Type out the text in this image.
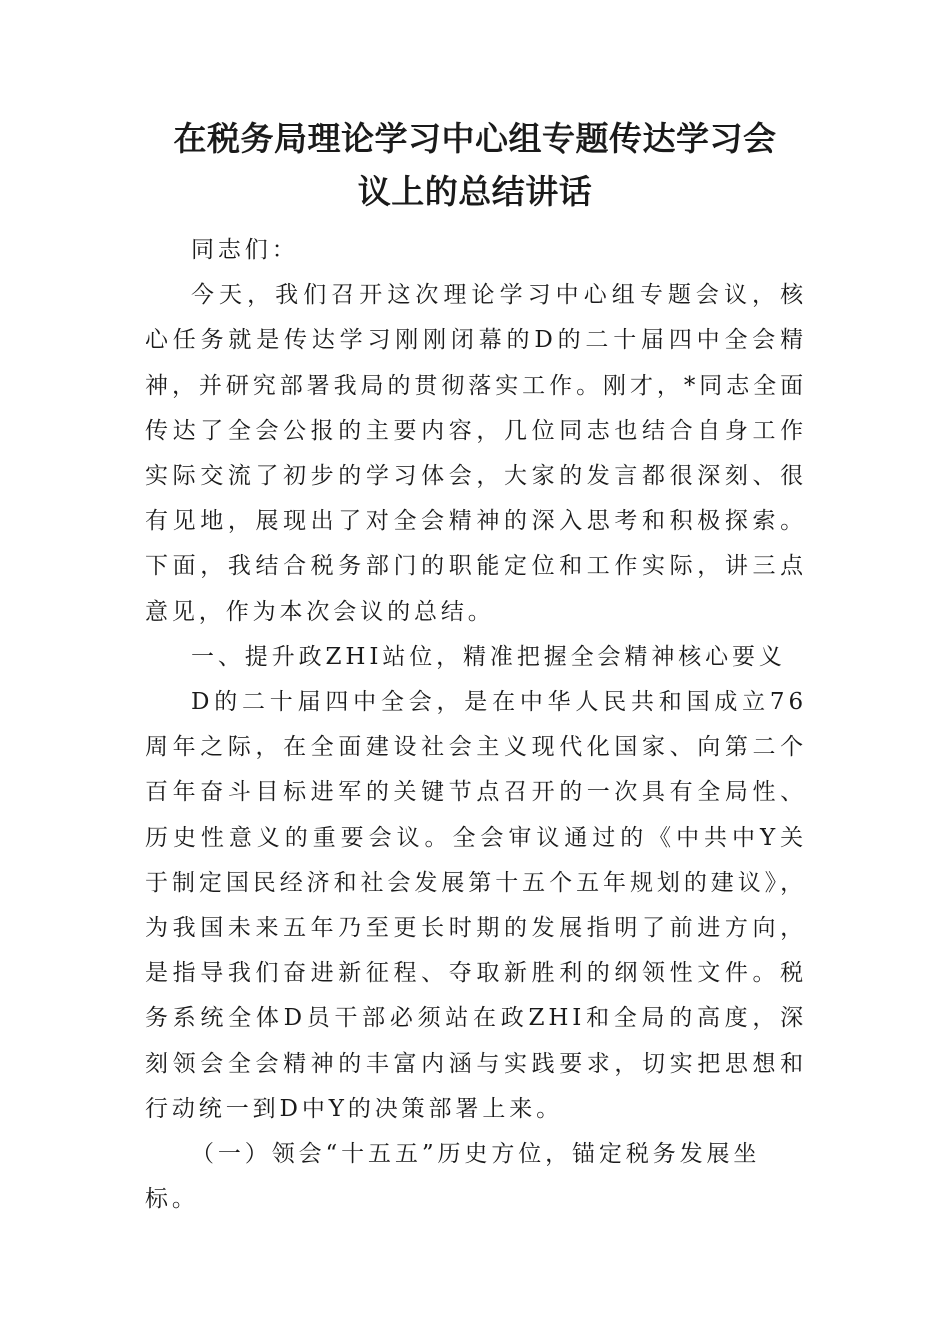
在税务局理论学习中心组专题传达学习会
议上的总结讲话

同志们：

今天，我们召开这次理论学习中心组专题会议，核心任务就是传达学习刚刚闭幕的D的二十届四中全会精神，并研究部署我局的贯彻落实工作。刚才，*同志全面传达了全会公报的主要内容，几位同志也结合自身工作实际交流了初步的学习体会，大家的发言都很深刻、很有见地，展现出了对全会精神的深入思考和积极探索。下面，我结合税务部门的职能定位和工作实际，讲三点意见，作为本次会议的总结。

一、提升政ZHI站位，精准把握全会精神核心要义

D的二十届四中全会，是在中华人民共和国成立76周年之际，在全面建设社会主义现代化国家、向第二个百年奋斗目标进军的关键节点召开的一次具有全局性、历史性意义的重要会议。全会审议通过的《中共中Y关于制定国民经济和社会发展第十五个五年规划的建议》，为我国未来五年乃至更长时期的发展指明了前进方向，是指导我们奋进新征程、夺取新胜利的纲领性文件。税务系统全体D员干部必须站在政ZHI和全局的高度，深刻领会全会精神的丰富内涵与实践要求，切实把思想和行动统一到D中Y的决策部署上来。

（一）领会“十五五”历史方位，锚定税务发展坐标。
